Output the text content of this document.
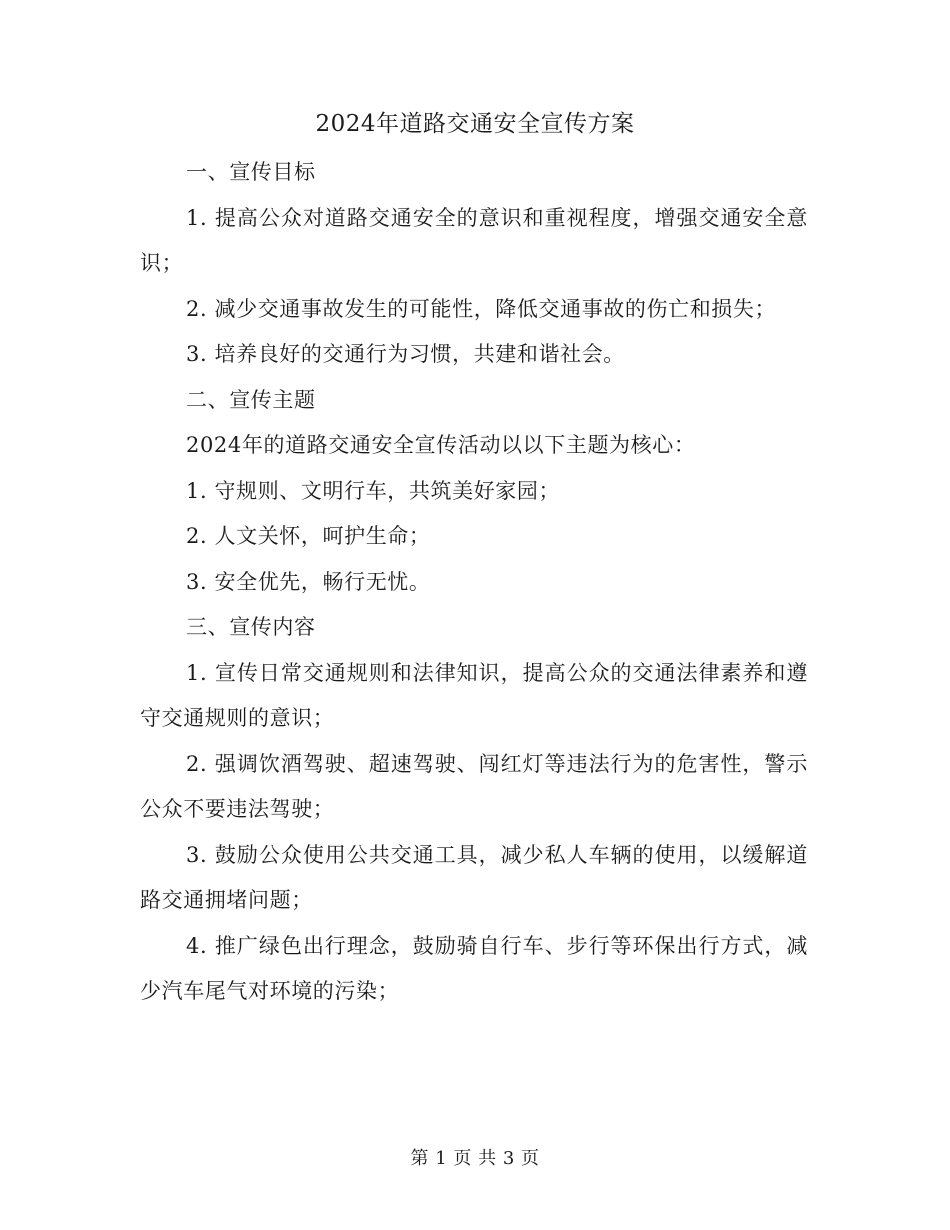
2024年道路交通安全宣传方案

一、宣传目标

1. 提高公众对道路交通安全的意识和重视程度，增强交通安全意识；

2. 减少交通事故发生的可能性，降低交通事故的伤亡和损失；

3. 培养良好的交通行为习惯，共建和谐社会。

二、宣传主题

2024年的道路交通安全宣传活动以以下主题为核心：

1. 守规则、文明行车，共筑美好家园；

2. 人文关怀，呵护生命；

3. 安全优先，畅行无忧。

三、宣传内容

1. 宣传日常交通规则和法律知识，提高公众的交通法律素养和遵守交通规则的意识；

2. 强调饮酒驾驶、超速驾驶、闯红灯等违法行为的危害性，警示公众不要违法驾驶；

3. 鼓励公众使用公共交通工具，减少私人车辆的使用，以缓解道路交通拥堵问题；

4. 推广绿色出行理念，鼓励骑自行车、步行等环保出行方式，减少汽车尾气对环境的污染；

第 1 页 共 3 页
